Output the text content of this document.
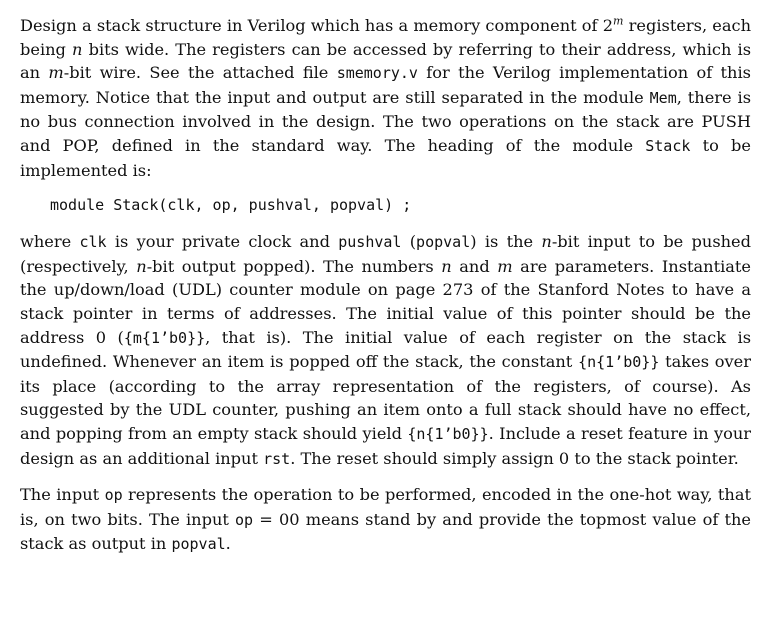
Design a stack structure in Verilog which has a memory component of 2$^m$ registers, each being n bits wide. The registers can be accessed by referring to their address, which is an m-bit wire. See the attached file smemory.v for the Verilog implementation of this memory. Notice that the input and output are still separated in the module Mem, there is no bus connection involved in the design. The two operations on the stack are PUSH and POP, defined in the standard way. The heading of the module Stack to be implemented is:

module Stack(clk, op, pushval, popval) ;

where clk is your private clock and pushval (popval) is the n-bit input to be pushed (respectively, n-bit output popped). The numbers n and m are parameters. Instantiate the up/down/load (UDL) counter module on page 273 of the Stanford Notes to have a stack pointer in terms of addresses. The initial value of this pointer should be the address 0 ({m{1’b0}}, that is). The initial value of each register on the stack is undefined. Whenever an item is popped off the stack, the constant {n{1’b0}} takes over its place (according to the array representation of the registers, of course). As suggested by the UDL counter, pushing an item onto a full stack should have no effect, and popping from an empty stack should yield {n{1’b0}}. Include a reset feature in your design as an additional input rst. The reset should simply assign 0 to the stack pointer.

The input op represents the operation to be performed, encoded in the one-hot way, that is, on two bits. The input op = 00 means stand by and provide the topmost value of the stack as output in popval.
